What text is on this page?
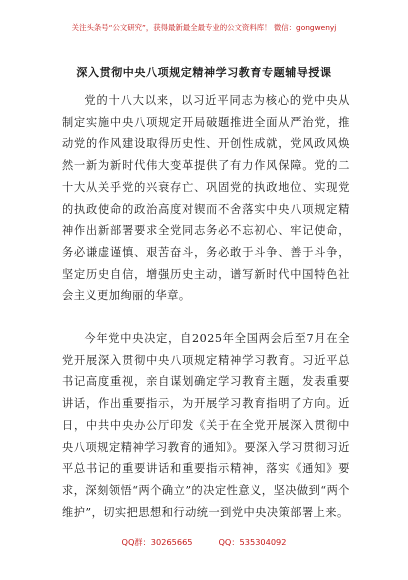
关注头条号“公文研究”，获得最新最全最专业的公文资料库！ 微信：gongwenyj
深入贯彻中央八项规定精神学习教育专题辅导授课

党的十八大以来，以习近平同志为核心的党中央从制定实施中央八项规定开局破题推进全面从严治党，推动党的作风建设取得历史性、开创性成就，党风政风焕然一新为新时代伟大变革提供了有力作风保障。党的二十大从关乎党的兴衰存亡、巩固党的执政地位、实现党的执政使命的政治高度对锲而不舍落实中央八项规定精神作出新部署要求全党同志务必不忘初心、牢记使命，务必谦虚谨慎、艰苦奋斗，务必敢于斗争、善于斗争，坚定历史自信，增强历史主动，谱写新时代中国特色社会主义更加绚丽的华章。

今年党中央决定，自2025年全国两会后至7月在全党开展深入贯彻中央八项规定精神学习教育。习近平总书记高度重视，亲自谋划确定学习教育主题，发表重要讲话，作出重要指示，为开展学习教育指明了方向。近日，中共中央办公厅印发《关于在全党开展深入贯彻中央八项规定精神学习教育的通知》。要深入学习贯彻习近平总书记的重要讲话和重要指示精神，落实《通知》要求，深刻领悟“两个确立”的决定性意义，坚决做到“两个维护”，切实把思想和行动统一到党中央决策部署上来。

QQ群：30265665	QQ：535304092
